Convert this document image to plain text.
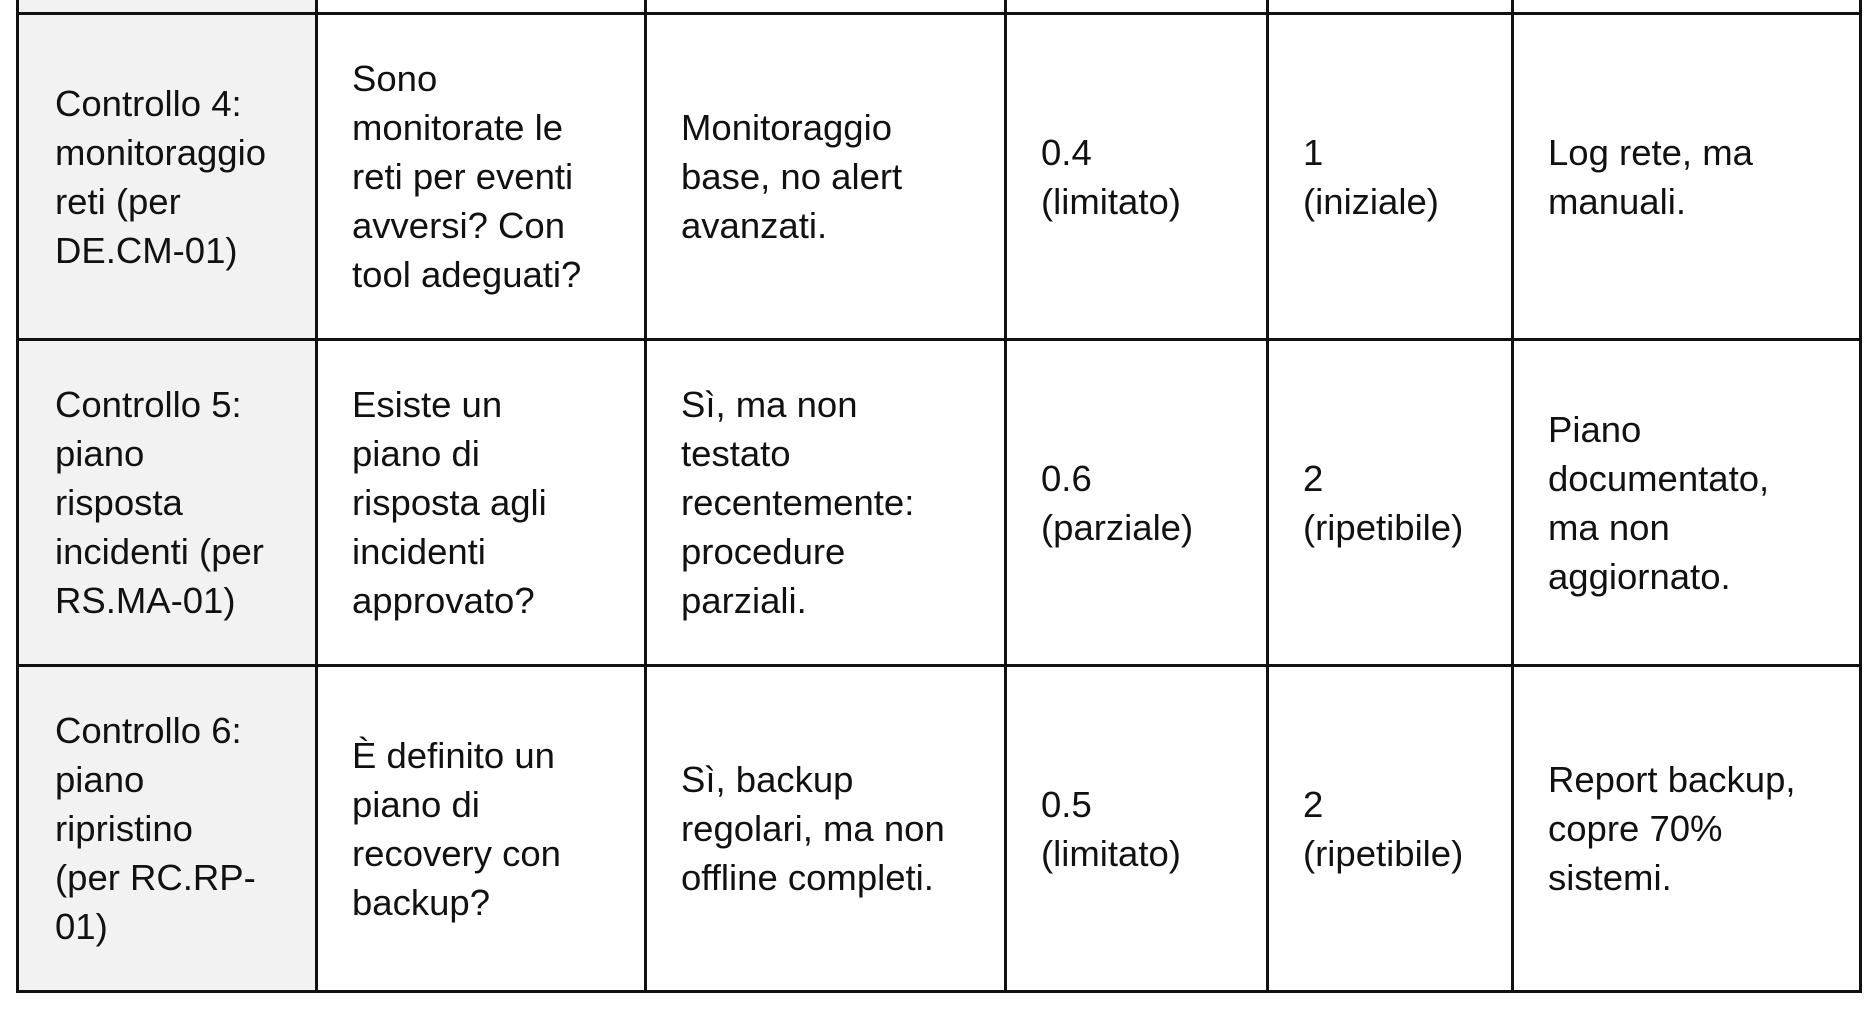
Controllo 4:
monitoraggio
reti (per
DE.CM-01)	Sono
monitorate le
reti per eventi
avversi? Con
tool adeguati?	Monitoraggio
base, no alert
avanzati.	0.4
(limitato)	1
(iniziale)	Log rete, ma
manuali.
Controllo 5:
piano
risposta
incidenti (per
RS.MA-01)	Esiste un
piano di
risposta agli
incidenti
approvato?	Sì, ma non
testato
recentemente:
procedure
parziali.	0.6
(parziale)	2
(ripetibile)	Piano
documentato,
ma non
aggiornato.
Controllo 6:
piano
ripristino
(per RC.RP-
01)	È definito un
piano di
recovery con
backup?	Sì, backup
regolari, ma non
offline completi.	0.5
(limitato)	2
(ripetibile)	Report backup,
copre 70%
sistemi.
